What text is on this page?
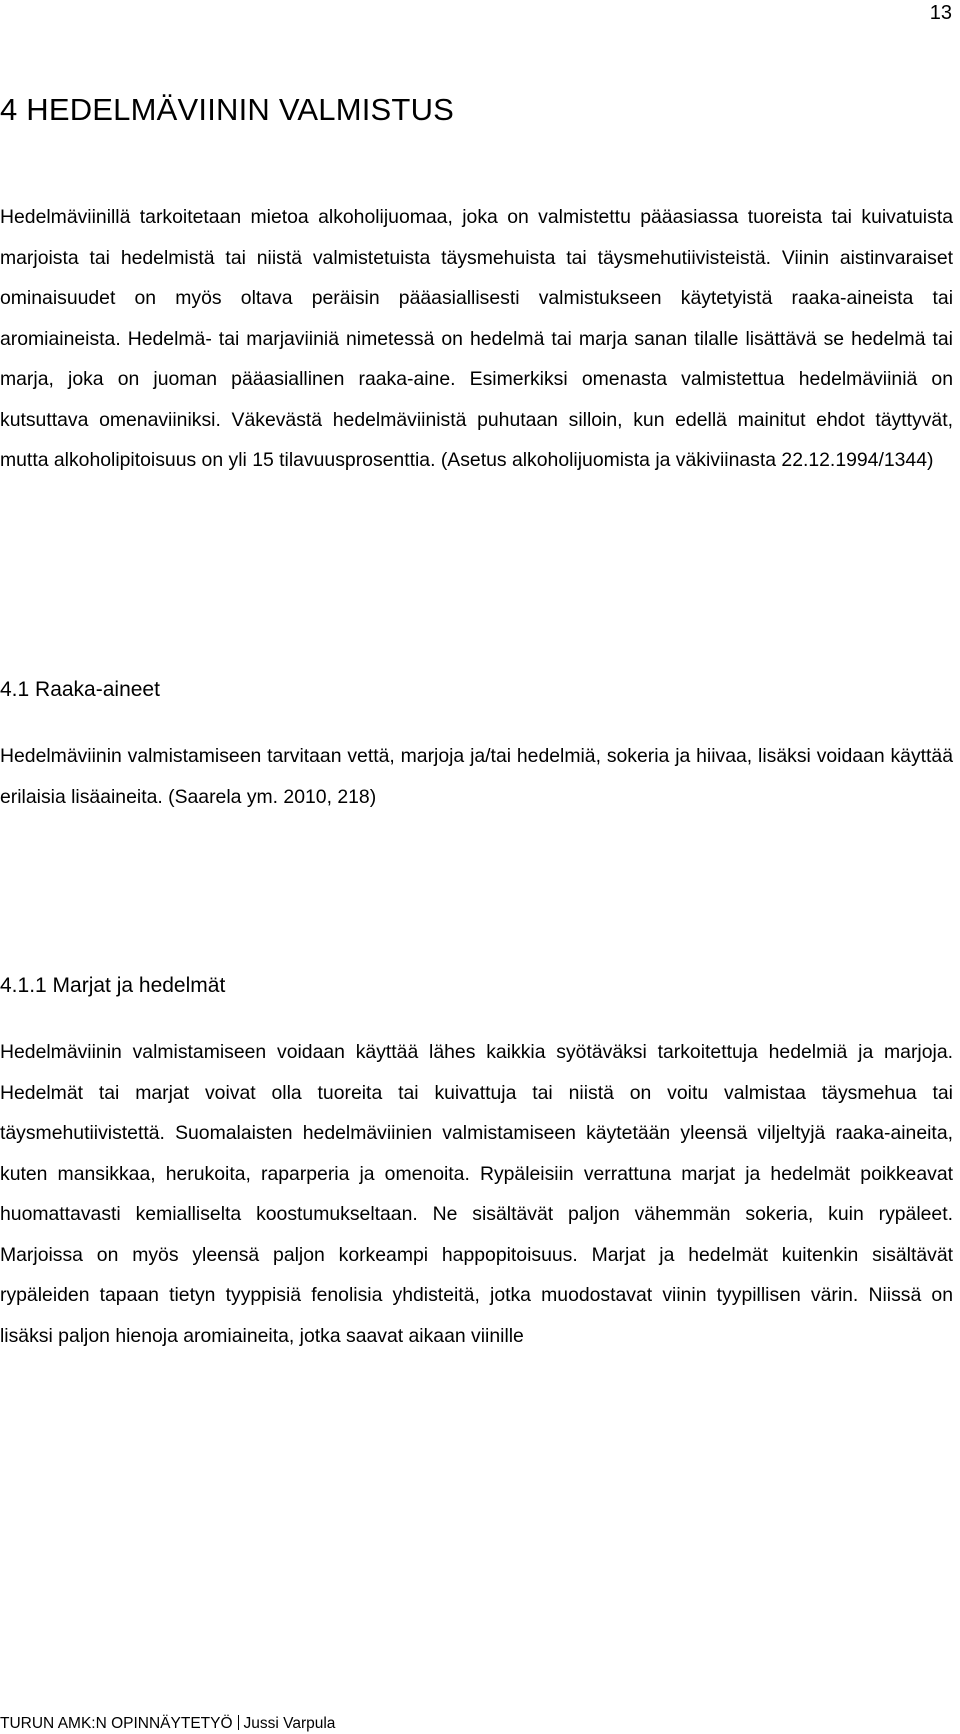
13
4 HEDELMÄVIININ VALMISTUS

Hedelmäviinillä tarkoitetaan mietoa alkoholijuomaa, joka on valmistettu pääasiassa tuoreista tai kuivatuista marjoista tai hedelmistä tai niistä valmistetuista täysmehuista tai täysmehutiivisteistä. Viinin aistinvaraiset ominaisuudet on myös oltava peräisin pääasiallisesti valmistukseen käytetyistä raaka-aineista tai aromiaineista. Hedelmä- tai marjaviiniä nimetessä on hedelmä tai marja sanan tilalle lisättävä se hedelmä tai marja, joka on juoman pääasiallinen raaka-aine. Esimerkiksi omenasta valmistettua hedelmäviiniä on kutsuttava omenaviiniksi. Väkevästä hedelmäviinistä puhutaan silloin, kun edellä mainitut ehdot täyttyvät, mutta alkoholipitoisuus on yli 15 tilavuusprosenttia. (Asetus alkoholijuomista ja väkiviinasta 22.12.1994/1344)

4.1 Raaka-aineet

Hedelmäviinin valmistamiseen tarvitaan vettä, marjoja ja/tai hedelmiä, sokeria ja hiivaa, lisäksi voidaan käyttää erilaisia lisäaineita. (Saarela ym. 2010, 218)

4.1.1 Marjat ja hedelmät

Hedelmäviinin valmistamiseen voidaan käyttää lähes kaikkia syötäväksi tarkoitettuja hedelmiä ja marjoja. Hedelmät tai marjat voivat olla tuoreita tai kuivattuja tai niistä on voitu valmistaa täysmehua tai täysmehutiivistettä. Suomalaisten hedelmäviinien valmistamiseen käytetään yleensä viljeltyjä raaka-aineita, kuten mansikkaa, herukoita, raparperia ja omenoita. Rypäleisiin verrattuna marjat ja hedelmät poikkeavat huomattavasti kemialliselta koostumukseltaan. Ne sisältävät paljon vähemmän sokeria, kuin rypäleet. Marjoissa on myös yleensä paljon korkeampi happopitoisuus. Marjat ja hedelmät kuitenkin sisältävät rypäleiden tapaan tietyn tyyppisiä fenolisia yhdisteitä, jotka muodostavat viinin tyypillisen värin. Niissä on lisäksi paljon hienoja aromiaineita, jotka saavat aikaan viinille

TURUN AMK:N OPINNÄYTETYÖ Jussi Varpula
